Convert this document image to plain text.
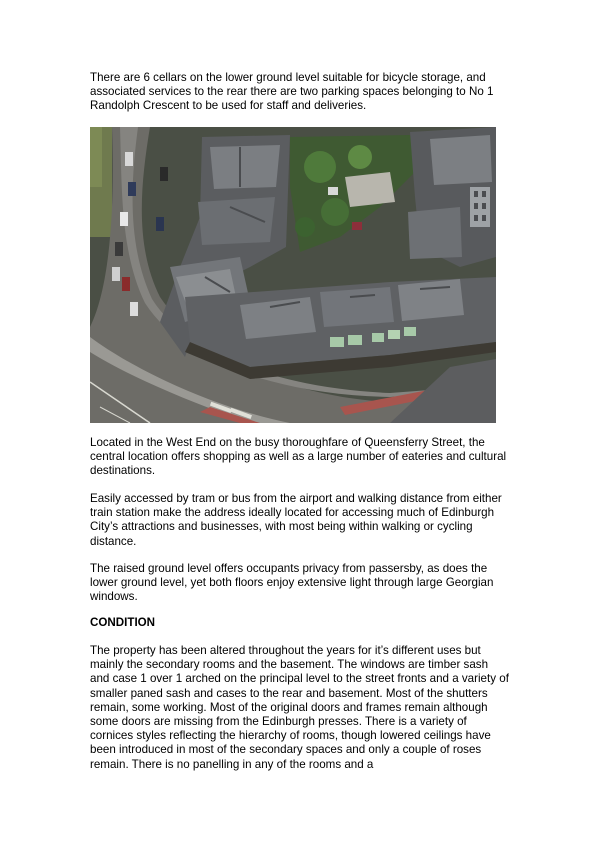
There are 6 cellars on the lower ground level suitable for bicycle storage, and associated services to the rear there are two parking spaces belonging to No 1 Randolph Crescent to be used for staff and deliveries.

Located in the West End on the busy thoroughfare of Queensferry Street, the central location offers shopping as well as a large number of eateries and cultural destinations.

Easily accessed by tram or bus from the airport and walking distance from either train station make the address ideally located for accessing much of Edinburgh City’s attractions and businesses, with most being within walking or cycling distance.

The raised ground level offers occupants privacy from passersby, as does the lower ground level, yet both floors enjoy extensive light through large Georgian windows.

CONDITION

The property has been altered throughout the years for it’s different uses but mainly the secondary rooms and the basement. The windows are timber sash and case 1 over 1 arched on the principal level to the street fronts and a variety of smaller paned sash and cases to the rear and basement. Most of the shutters remain, some working. Most of the original doors and frames remain although some doors are missing from the Edinburgh presses. There is a variety of cornices styles reflecting the hierarchy of rooms, though lowered ceilings have been introduced in most of the secondary spaces and only a couple of roses remain. There is no panelling in any of the rooms and a
